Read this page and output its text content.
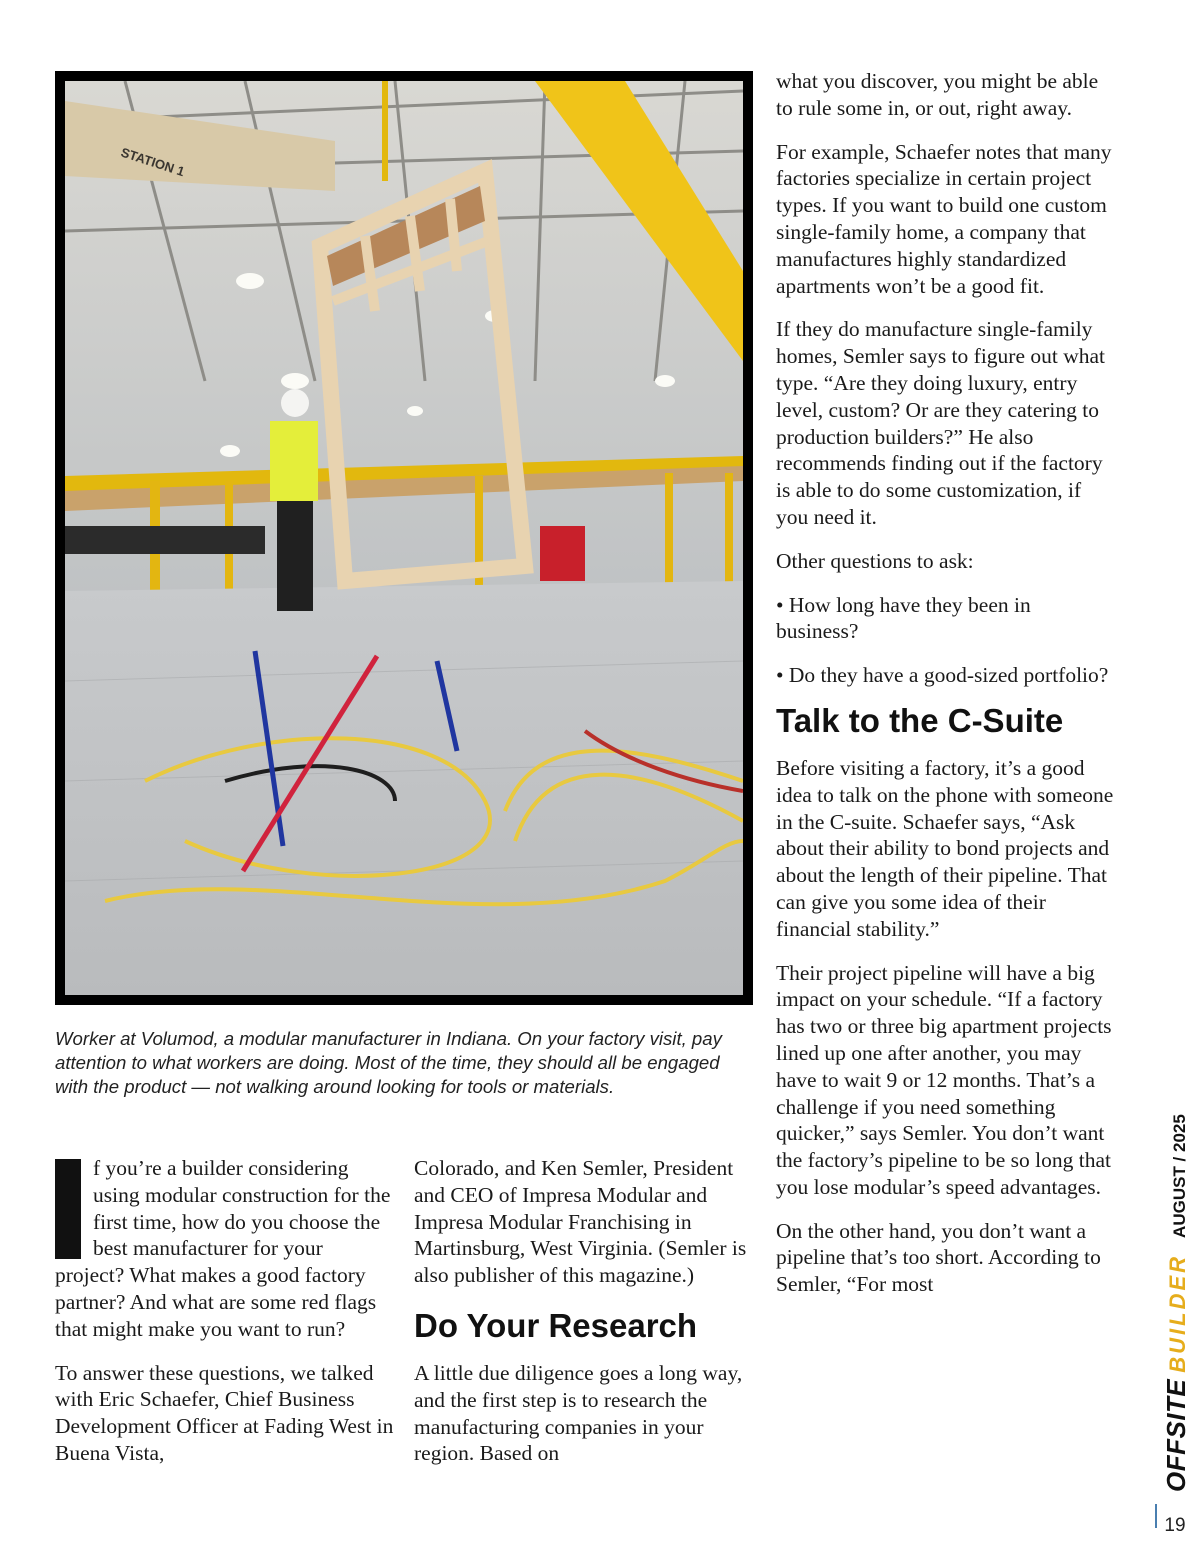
STATION 1

Worker at Volumod, a modular manufacturer in Indiana. On your factory visit, pay attention to what workers are doing. Most of the time, they should all be engaged with the product — not walking around looking for tools or materials.

f you’re a builder considering using modular construction for the first time, how do you choose the best manufacturer for your project? What makes a good factory partner? And what are some red flags that might make you want to run?

To answer these questions, we talked with Eric Schaefer, Chief Business Development Officer at Fading West in Buena Vista,

Colorado, and Ken Semler, President and CEO of Impresa Modular and Impresa Modular Franchising in Martinsburg, West Virginia. (Semler is also publisher of this magazine.)

Do Your Research

A little due diligence goes a long way, and the first step is to research the manufacturing companies in your region. Based on

what you discover, you might be able to rule some in, or out, right away.

For example, Schaefer notes that many factories specialize in certain project types. If you want to build one custom single-family home, a company that manufactures highly standardized apartments won’t be a good fit.

If they do manufacture single-family homes, Semler says to figure out what type. “Are they doing luxury, entry level, custom? Or are they catering to production builders?” He also recommends finding out if the factory is able to do some customization, if you need it.

Other questions to ask:

• How long have they been in business?

• Do they have a good-sized portfolio?

Talk to the C-Suite

Before visiting a factory, it’s a good idea to talk on the phone with someone in the C-suite. Schaefer says, “Ask about their ability to bond projects and about the length of their pipeline. That can give you some idea of their financial stability.”

Their project pipeline will have a big impact on your schedule. “If a factory has two or three big apartment projects lined up one after another, you may have to wait 9 or 12 months. That’s a challenge if you need something quicker,” says Semler. You don’t want the factory’s pipeline to be so long that you lose modular’s speed advantages.

On the other hand, you don’t want a pipeline that’s too short. According to Semler, “For most

OFFSITEBUILDERAUGUST / 2025
19
